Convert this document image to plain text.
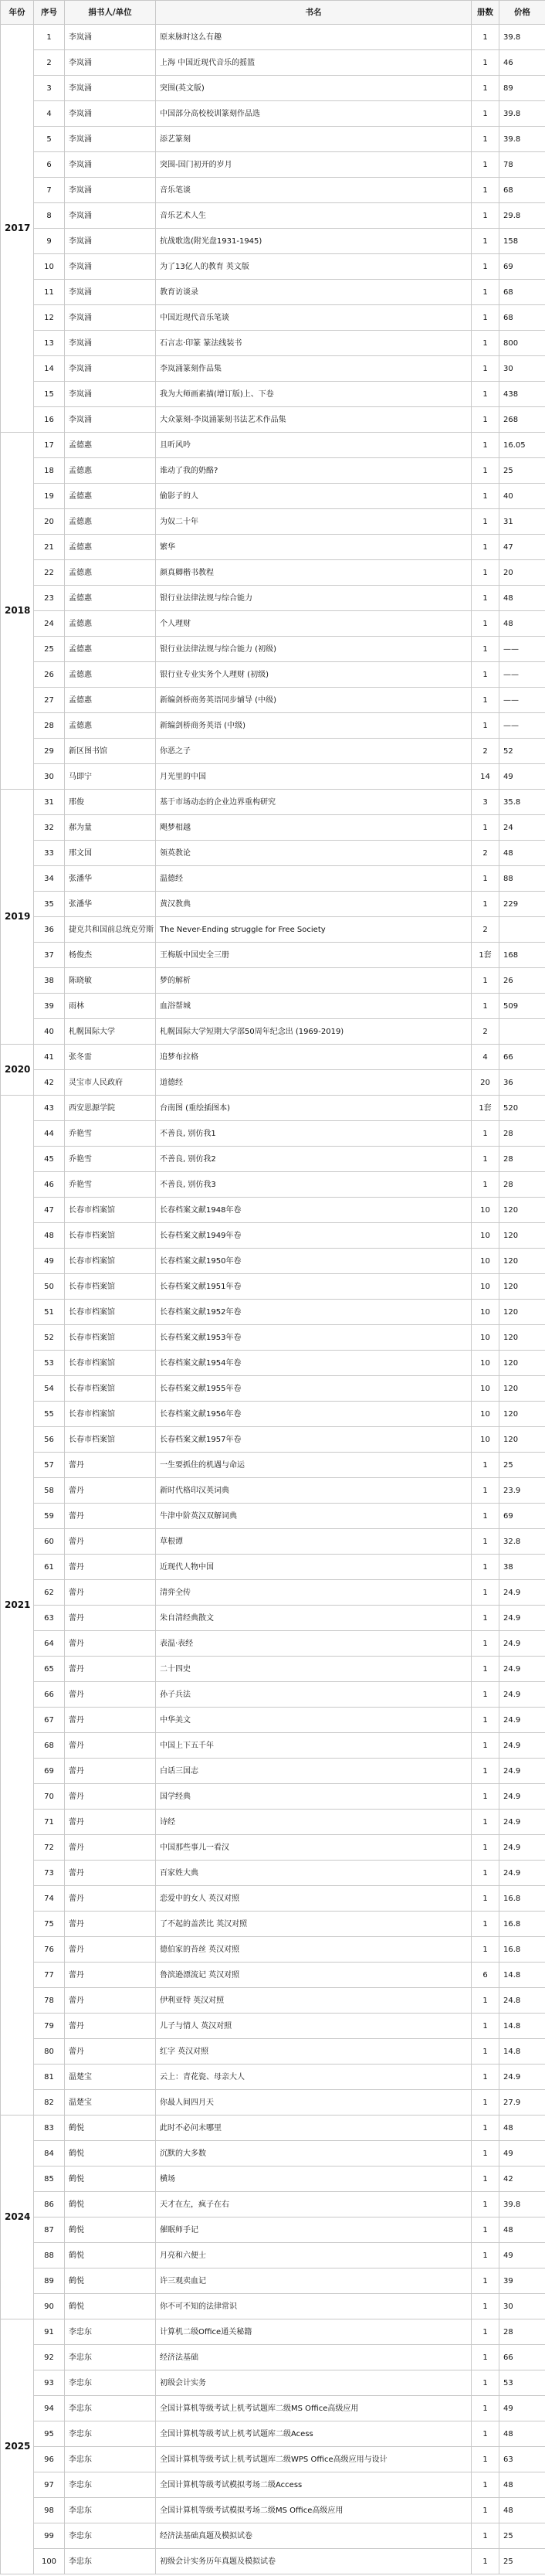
年份	序号	捐书人/单位	书名	册数	价格
2017	1	李岚涌	原来脉时这么有趣	1	39.8
	2	李岚涌	上海 中国近现代音乐的摇篮	1	46
	3	李岚涌	突围(英文版)	1	89
	4	李岚涌	中国部分高校校训篆刻作品选	1	39.8
	5	李岚涌	添艺篆刻	1	39.8
	6	李岚涌	突围-国门初开的岁月	1	78
	7	李岚涌	音乐笔谈	1	68
	8	李岚涌	音乐艺术人生	1	29.8
	9	李岚涌	抗战歌选(附光盘1931-1945)	1	158
	10	李岚涌	为了13亿人的教育 英文版	1	69
	11	李岚涌	教育访谈录	1	68
	12	李岚涌	中国近现代音乐笔谈	1	68
	13	李岚涌	石言志·印篆 篆法线装书	1	800
	14	李岚涌	李岚涌篆刻作品集	1	30
	15	李岚涌	我为大师画素描(增订版)上、下卷	1	438
	16	李岚涌	大众篆刻-李岚涌篆刻书法艺术作品集	1	268
2018	17	孟德惠	且听风吟	1	16.05
	18	孟德惠	谁动了我的奶酪?	1	25
	19	孟德惠	偷影子的人	1	40
	20	孟德惠	为奴二十年	1	31
	21	孟德惠	繁华	1	47
	22	孟德惠	颜真卿楷书教程	1	20
	23	孟德惠	银行业法律法规与综合能力	1	48
	24	孟德惠	个人理财	1	48
	25	孟德惠	银行业法律法规与综合能力 (初级)	1	——
	26	孟德惠	银行业专业实务个人理财 (初级)	1	——
	27	孟德惠	新编剑桥商务英语同步辅导 (中级)	1	——
	28	孟德惠	新编剑桥商务英语 (中级)	1	——
	29	新区图书馆	你恶之子	2	52
	30	马即宁	月光里的中国	14	49
2019	31	邢俊	基于市场动态的企业边界重构研究	3	35.8
	32	郝为量	飓梦相越	1	24
	33	邢文国	领英教论	2	48
	34	张潘华	温德经	1	88
	35	张潘华	黄汉教典	1	229
	36	捷克共和国前总统克劳斯	The Never-Ending struggle for Free Society	2	
	37	杨俊杰	王梅版中国史全三册	1套	168
	38	陈晓敏	梦的解析	1	26
	39	雨林	血浴帮城	1	509
	40	札幌国际大学	札幌国际大学短期大学部50周年纪念出 (1969-2019)	2	
2020	41	张冬雷	追梦布拉格	4	66
	42	灵宝市人民政府	道德经	20	36
2021	43	西安思源学院	台南图 (重绘插图本)	1套	520
	44	乔艳雪	不善良, 别仿我1	1	28
	45	乔艳雪	不善良, 别仿我2	1	28
	46	乔艳雪	不善良, 别仿我3	1	28
	47	长春市档案馆	长春档案文献1948年卷	10	120
	48	长春市档案馆	长春档案文献1949年卷	10	120
	49	长春市档案馆	长春档案文献1950年卷	10	120
	50	长春市档案馆	长春档案文献1951年卷	10	120
	51	长春市档案馆	长春档案文献1952年卷	10	120
	52	长春市档案馆	长春档案文献1953年卷	10	120
	53	长春市档案馆	长春档案文献1954年卷	10	120
	54	长春市档案馆	长春档案文献1955年卷	10	120
	55	长春市档案馆	长春档案文献1956年卷	10	120
	56	长春市档案馆	长春档案文献1957年卷	10	120
	57	蕾丹	一生要抓住的机遇与命运	1	25
	58	蕾丹	新时代格印汉英词典	1	23.9
	59	蕾丹	牛津中阶英汉双解词典	1	69
	60	蕾丹	草根谭	1	32.8
	61	蕾丹	近现代人物中国	1	38
	62	蕾丹	清弈全传	1	24.9
	63	蕾丹	朱自清经典散文	1	24.9
	64	蕾丹	表温·表经	1	24.9
	65	蕾丹	二十四史	1	24.9
	66	蕾丹	孙子兵法	1	24.9
	67	蕾丹	中华美文	1	24.9
	68	蕾丹	中国上下五千年	1	24.9
	69	蕾丹	白话三国志	1	24.9
	70	蕾丹	国学经典	1	24.9
	71	蕾丹	诗经	1	24.9
	72	蕾丹	中国那些事儿一看汉	1	24.9
	73	蕾丹	百家姓大典	1	24.9
	74	蕾丹	恋爱中的女人 英汉对照	1	16.8
	75	蕾丹	了不起的盖茨比 英汉对照	1	16.8
	76	蕾丹	德伯家的苔丝 英汉对照	1	16.8
	77	蕾丹	鲁滨逊漂流记 英汉对照	6	14.8
	78	蕾丹	伊利亚特 英汉对照	1	24.8
	79	蕾丹	儿子与情人 英汉对照	1	14.8
	80	蕾丹	红字 英汉对照	1	14.8
	81	温楚宝	云上：青花瓷、母亲大人	1	24.9
	82	温楚宝	你最人间四月天	1	27.9
2024	83	鹤悦	此时不必问未哪里	1	48
	84	鹤悦	沉默的大多数	1	49
	85	鹤悦	横场	1	42
	86	鹤悦	天才在左，疯子在右	1	39.8
	87	鹤悦	催眠师手记	1	48
	88	鹤悦	月亮和六便士	1	49
	89	鹤悦	许三观卖血记	1	39
	90	鹤悦	你不可不知的法律常识	1	30
2025	91	李忠东	计算机二级Office通关秘籍	1	28
	92	李忠东	经济法基础	1	66
	93	李忠东	初级会计实务	1	53
	94	李忠东	全国计算机等级考试上机考试题库二级MS Office高级应用	1	49
	95	李忠东	全国计算机等级考试上机考试题库二级Acess	1	48
	96	李忠东	全国计算机等级考试上机考试题库二级WPS Office高级应用与设计	1	63
	97	李忠东	全国计算机等级考试模拟考场二级Access	1	48
	98	李忠东	全国计算机等级考试模拟考场二级MS Office高级应用	1	48
	99	李忠东	经济法基础真题及模拟试卷	1	25
	100	李忠东	初级会计实务历年真题及模拟试卷	1	25
